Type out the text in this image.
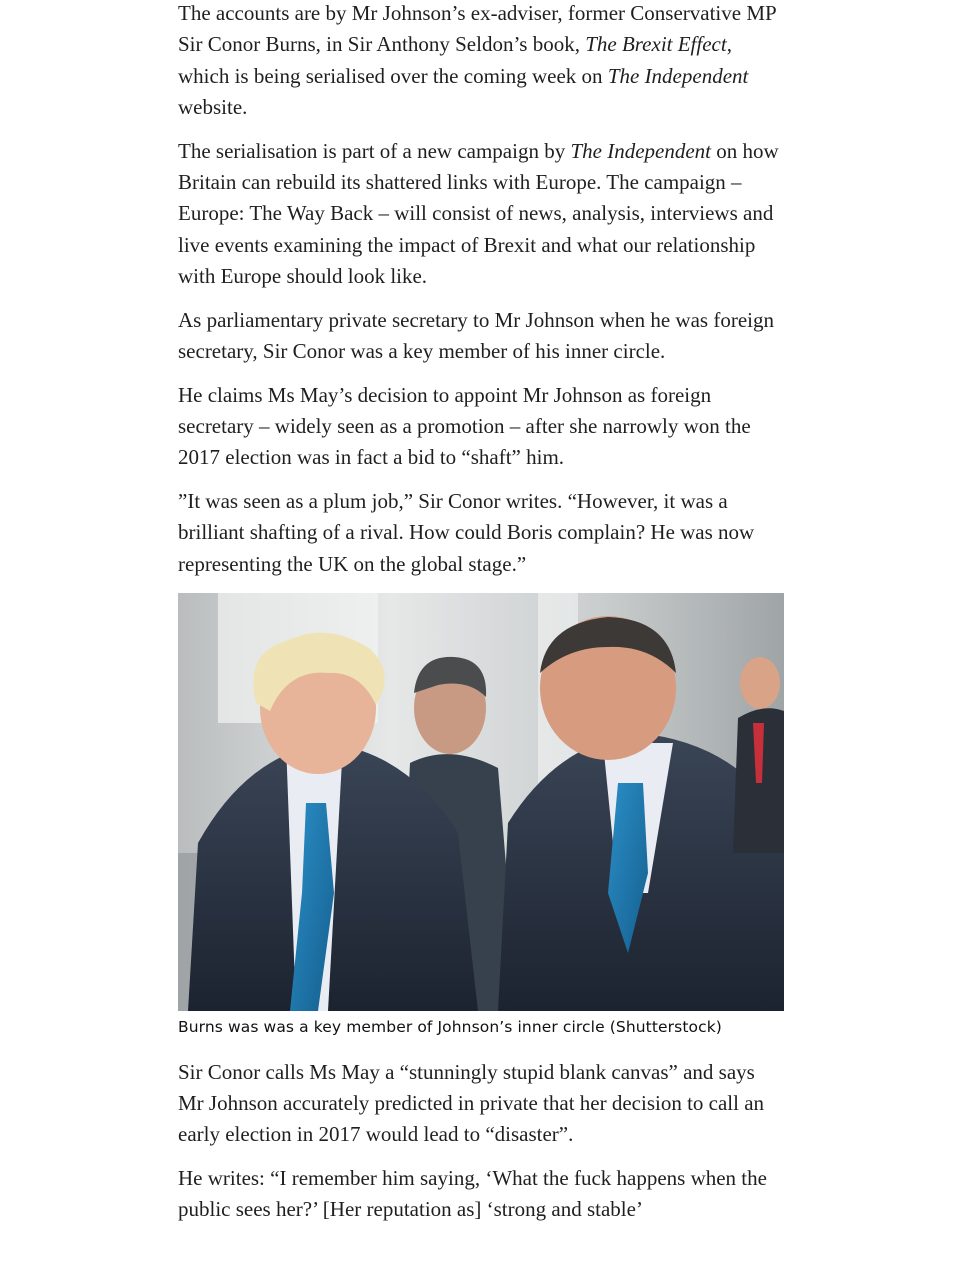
The accounts are by Mr Johnson’s ex-adviser, former Conservative MP Sir Conor Burns, in Sir Anthony Seldon’s book, The Brexit Effect, which is being serialised over the coming week on The Independent website.

The serialisation is part of a new campaign by The Independent on how Britain can rebuild its shattered links with Europe. The campaign – Europe: The Way Back – will consist of news, analysis, interviews and live events examining the impact of Brexit and what our relationship with Europe should look like.

As parliamentary private secretary to Mr Johnson when he was foreign secretary, Sir Conor was a key member of his inner circle.

He claims Ms May’s decision to appoint Mr Johnson as foreign secretary – widely seen as a promotion – after she narrowly won the 2017 election was in fact a bid to “shaft” him.

”It was seen as a plum job,” Sir Conor writes. “However, it was a brilliant shafting of a rival. How could Boris complain? He was now representing the UK on the global stage.”

Burns was was a key member of Johnson’s inner circle (Shutterstock)

Sir Conor calls Ms May a “stunningly stupid blank canvas” and says Mr Johnson accurately predicted in private that her decision to call an early election in 2017 would lead to “disaster”.

He writes: “I remember him saying, ‘What the fuck happens when the public sees her?’ [Her reputation as] ‘strong and stable’
